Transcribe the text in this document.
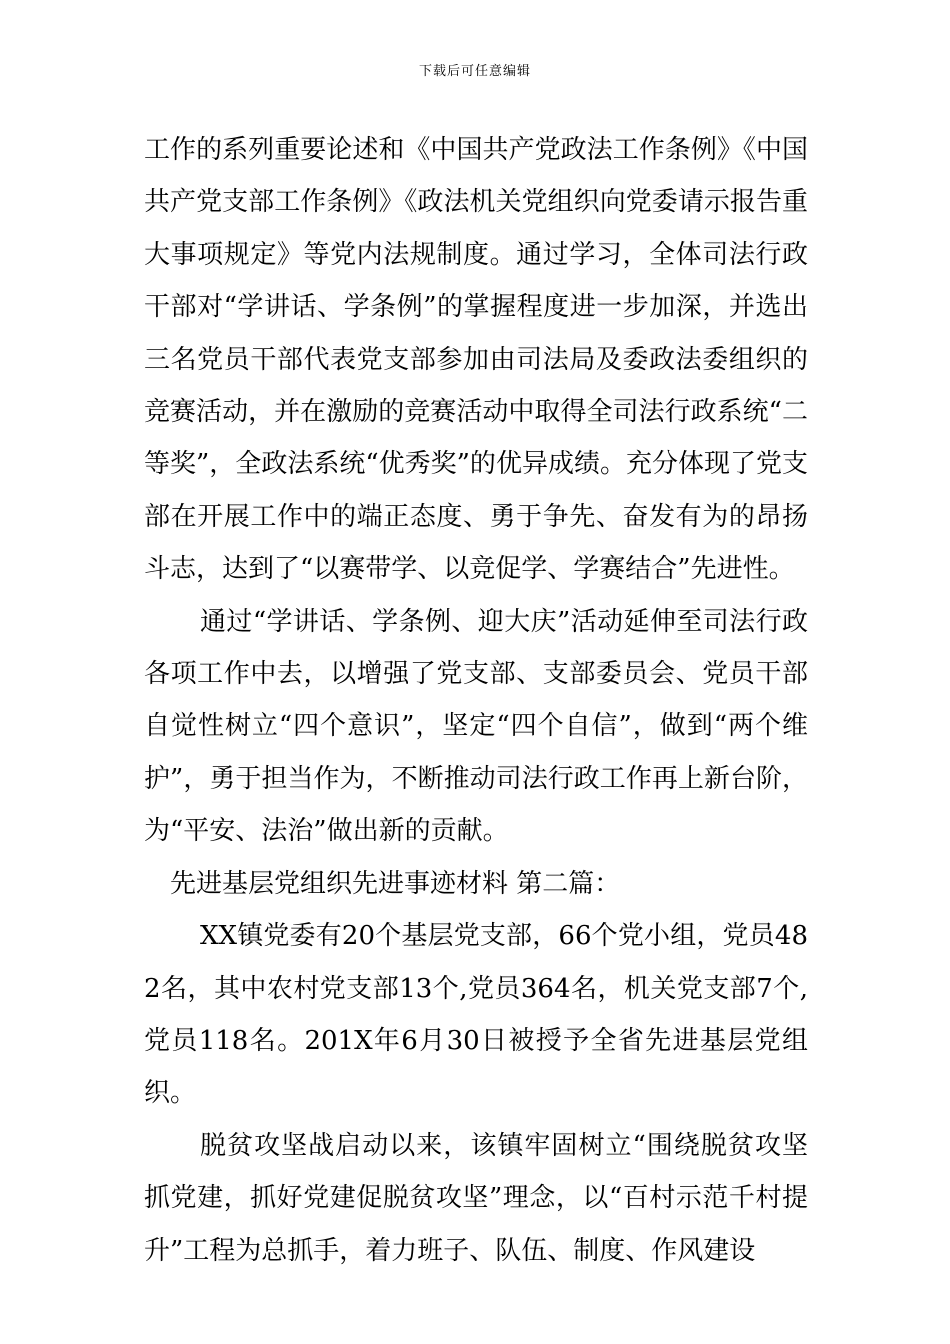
下载后可任意编辑

工作的系列重要论述和《中国共产党政法工作条例》《中国共产党支部工作条例》《政法机关党组织向党委请示报告重大事项规定》等党内法规制度。通过学习，全体司法行政干部对“学讲话、学条例”的掌握程度进一步加深，并选出三名党员干部代表党支部参加由司法局及委政法委组织的竞赛活动，并在激励的竞赛活动中取得全司法行政系统“二等奖”，全政法系统“优秀奖”的优异成绩。充分体现了党支部在开展工作中的端正态度、勇于争先、奋发有为的昂扬斗志，达到了“以赛带学、以竞促学、学赛结合”先进性。

通过“学讲话、学条例、迎大庆”活动延伸至司法行政各项工作中去，以增强了党支部、支部委员会、党员干部自觉性树立“四个意识”，坚定“四个自信”，做到“两个维护”，勇于担当作为，不断推动司法行政工作再上新台阶，为“平安、法治”做出新的贡献。

先进基层党组织先进事迹材料 第二篇：

XX镇党委有20个基层党支部，66个党小组，党员482名，其中农村党支部13个,党员364名，机关党支部7个,党员118名。201X年6月30日被授予全省先进基层党组织。

脱贫攻坚战启动以来，该镇牢固树立“围绕脱贫攻坚抓党建，抓好党建促脱贫攻坚”理念，以“百村示范千村提升”工程为总抓手，着力班子、队伍、制度、作风建设
